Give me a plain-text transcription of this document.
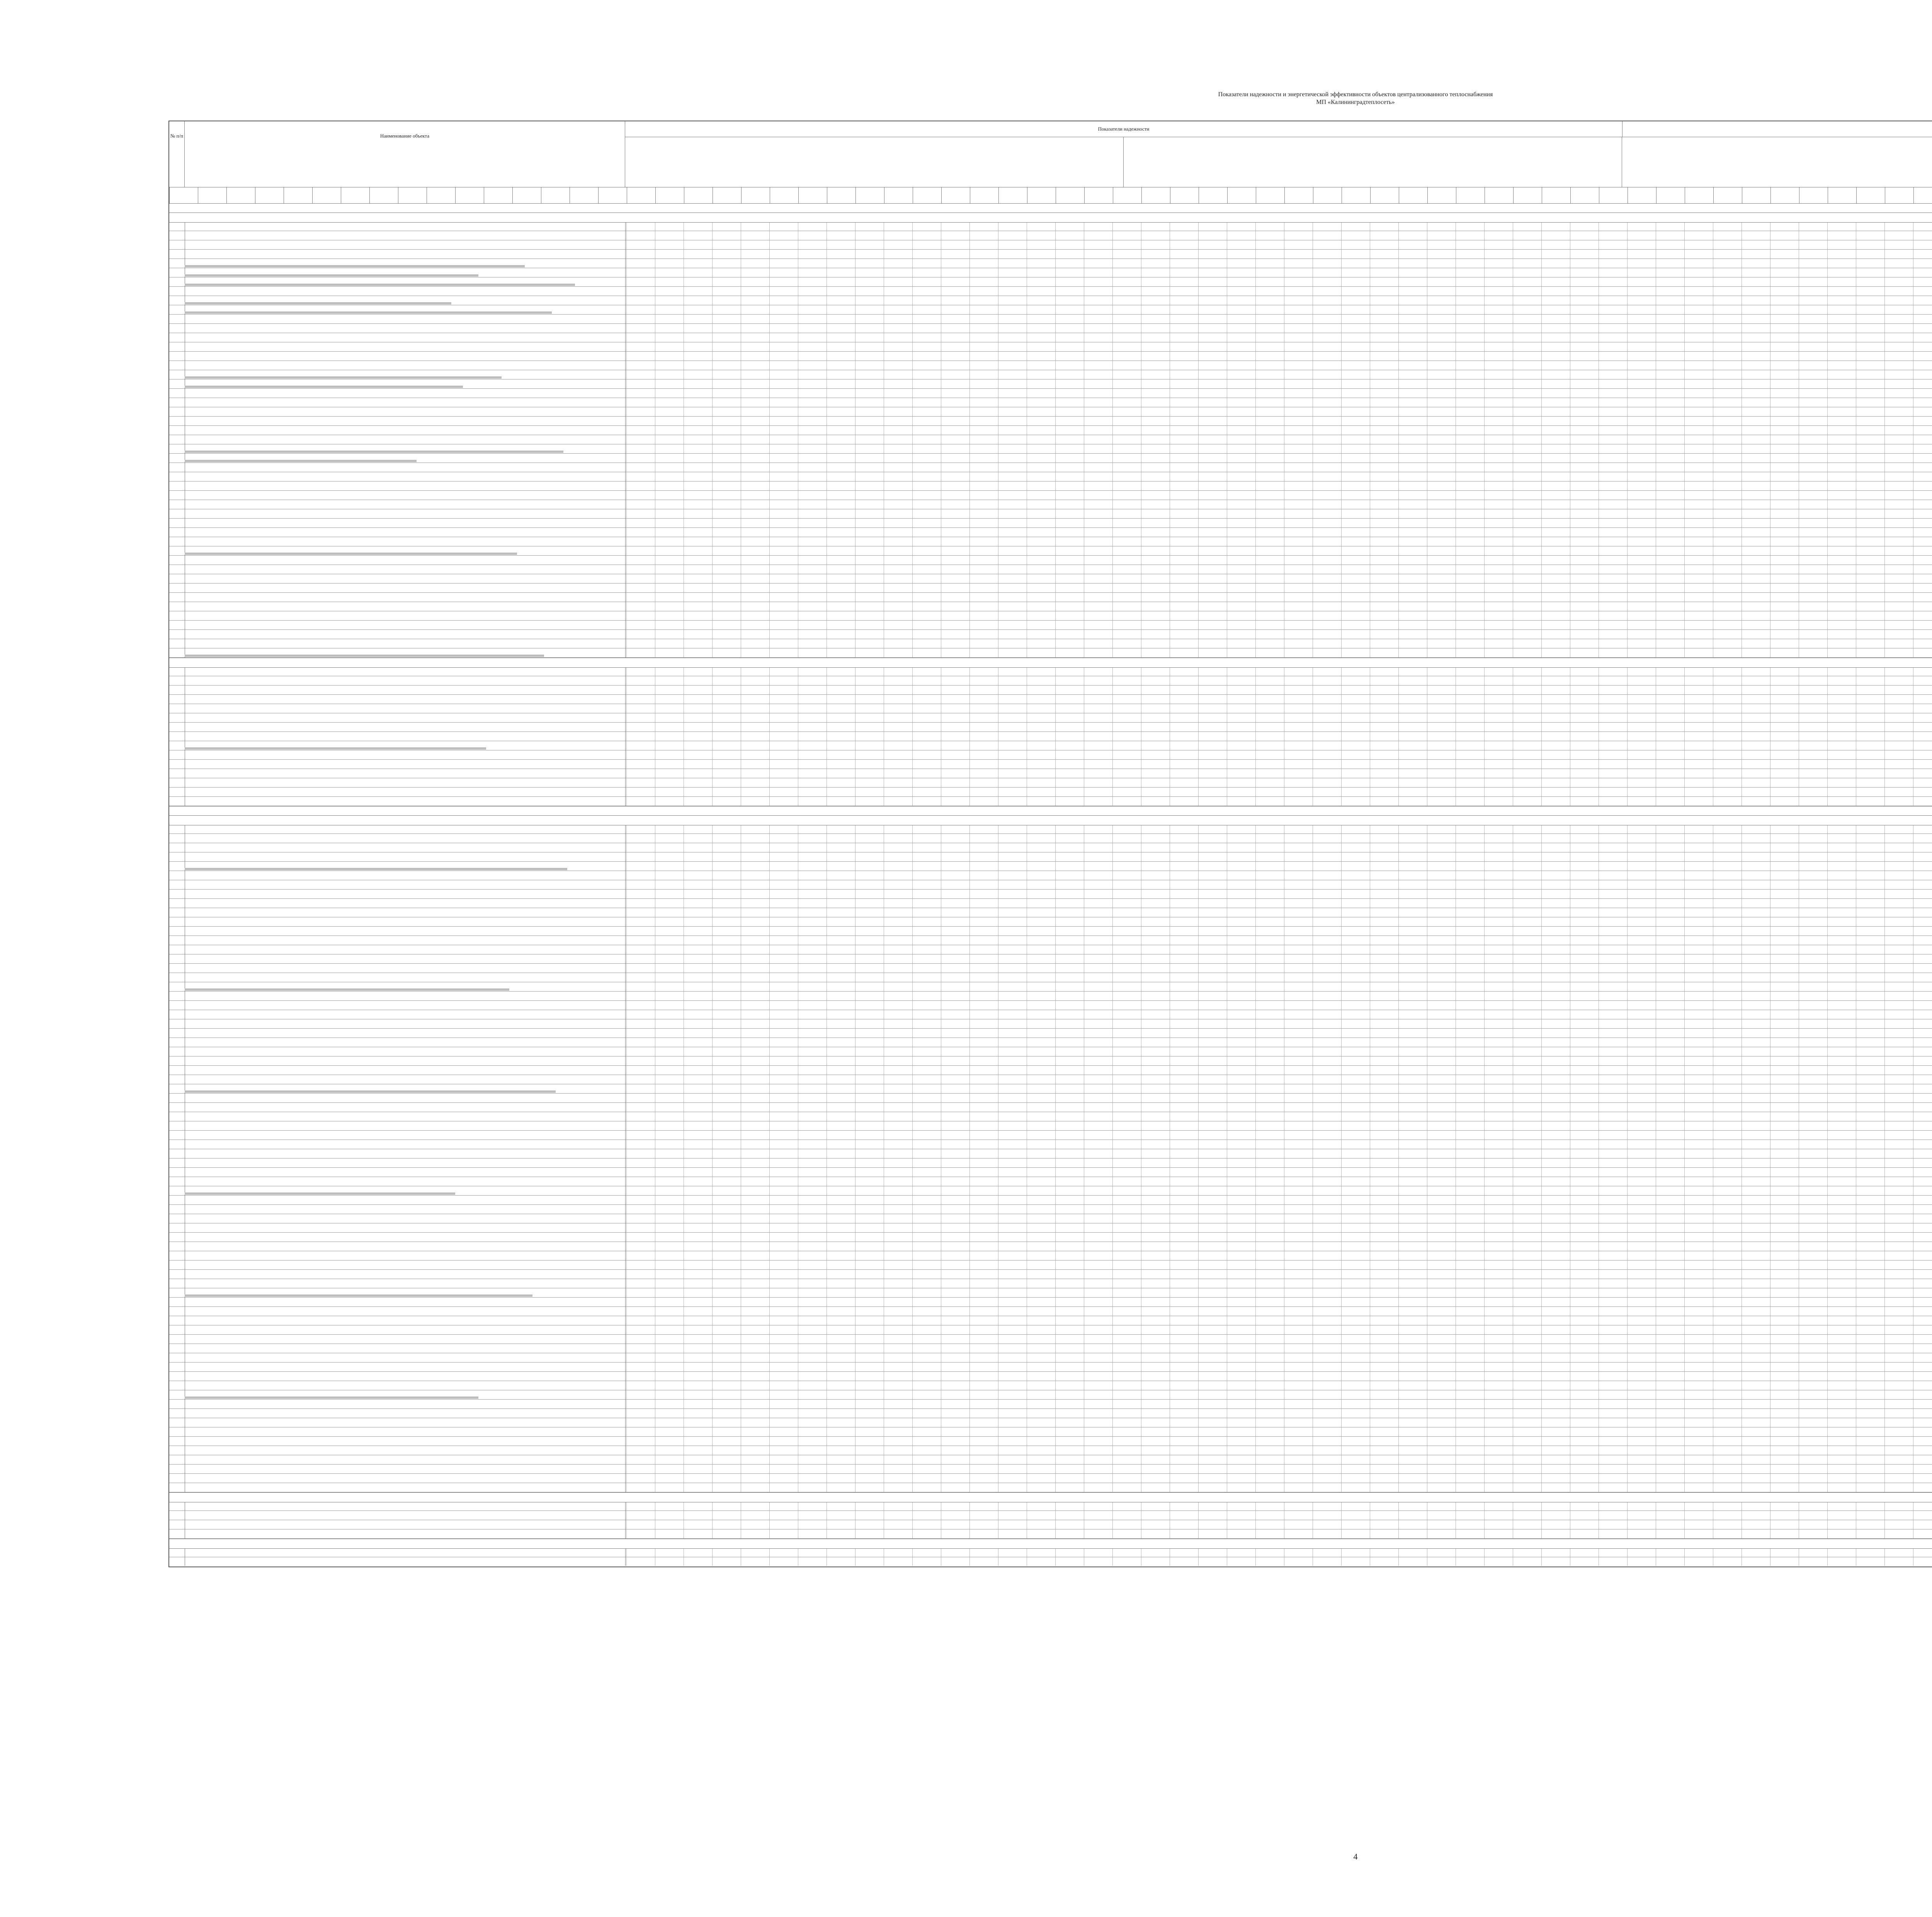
Показатели надежности и энергетической эффективности объектов централизованного теплоснабжения
МП «Калининградтеплосеть»
№ п/п	Наименование объекта
Показатели надежности
4
